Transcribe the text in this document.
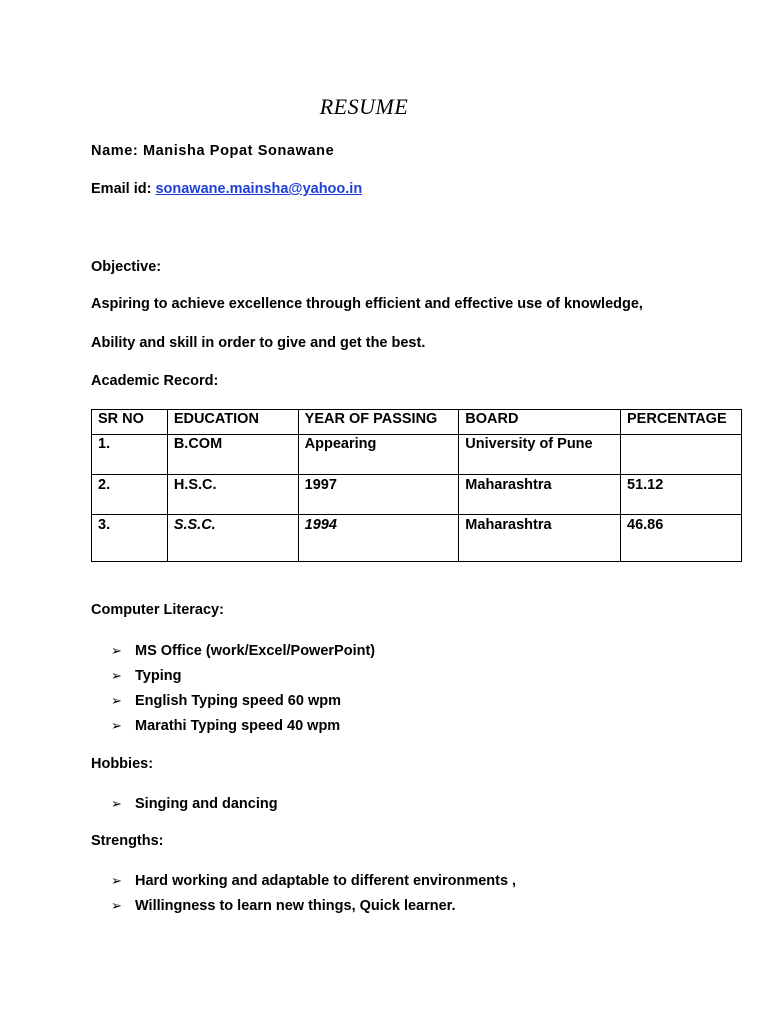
RESUME
Name: Manisha Popat Sonawane
Email id: sonawane.mainsha@yahoo.in
Objective:
Aspiring to achieve excellence through efficient and effective use of knowledge,
Ability and skill in order to give and get the best.
Academic Record:
SR NO	EDUCATION	YEAR OF PASSING	BOARD	PERCENTAGE
1.	B.COM	Appearing	University of Pune	
2.	H.S.C.	1997	Maharashtra	51.12
3.	S.S.C.	1994	Maharashtra	46.86
Computer Literacy:
➢ MS Office (work/Excel/PowerPoint)
➢ Typing
➢ English Typing speed 60 wpm
➢ Marathi Typing speed 40 wpm
Hobbies:
➢ Singing and dancing
Strengths:
➢ Hard working and adaptable to different environments ,
➢ Willingness to learn new things, Quick learner.
